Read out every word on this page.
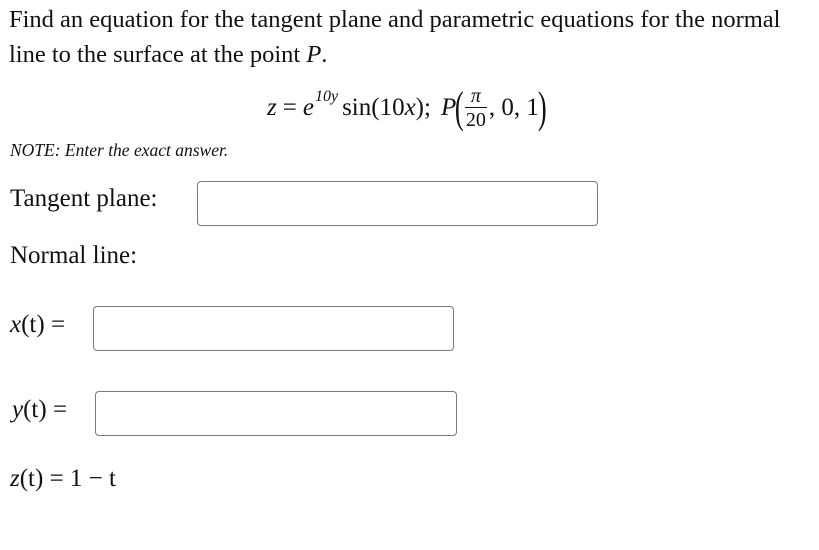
Find an equation for the tangent plane and parametric equations for the normal line to the surface at the point P.
z = e 10y sin(10 x ); P
( $\frac{\pi}{20}$ , 0, 1
)
NOTE: Enter the exact answer.
Tangent plane:
Normal line:
x(t) =
y(t) =
z(t) = 1 − t
